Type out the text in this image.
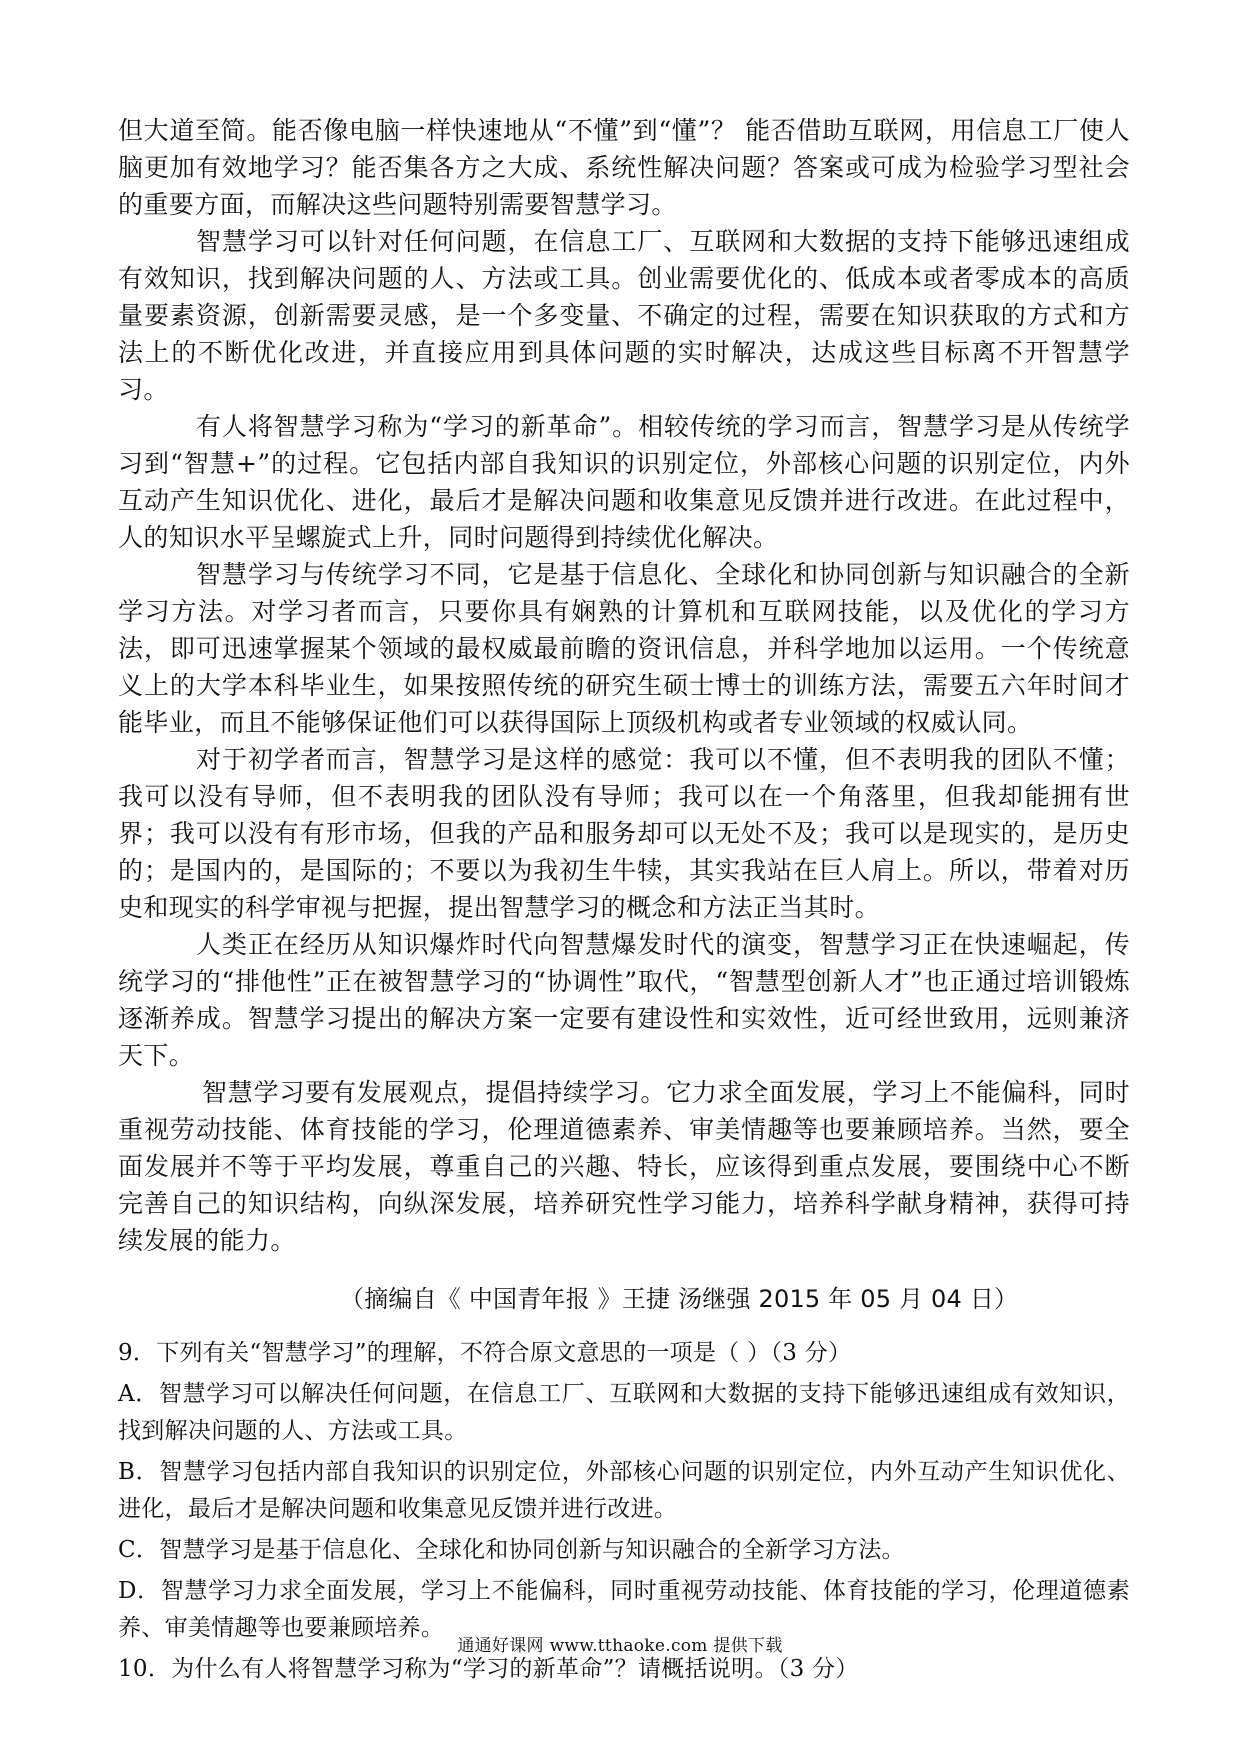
但大道至简。能否像电脑一样快速地从“不懂”到“懂”？ 能否借助互联网，用信息工厂使人脑更加有效地学习？能否集各方之大成、系统性解决问题？答案或可成为检验学习型社会的重要方面，而解决这些问题特别需要智慧学习。

智慧学习可以针对任何问题，在信息工厂、互联网和大数据的支持下能够迅速组成有效知识，找到解决问题的人、方法或工具。创业需要优化的、低成本或者零成本的高质量要素资源，创新需要灵感，是一个多变量、不确定的过程，需要在知识获取的方式和方法上的不断优化改进，并直接应用到具体问题的实时解决，达成这些目标离不开智慧学习。

有人将智慧学习称为“学习的新革命”。相较传统的学习而言，智慧学习是从传统学习到“智慧+”的过程。它包括内部自我知识的识别定位，外部核心问题的识别定位，内外互动产生知识优化、进化，最后才是解决问题和收集意见反馈并进行改进。在此过程中，人的知识水平呈螺旋式上升，同时问题得到持续优化解决。

智慧学习与传统学习不同，它是基于信息化、全球化和协同创新与知识融合的全新学习方法。对学习者而言，只要你具有娴熟的计算机和互联网技能，以及优化的学习方法，即可迅速掌握某个领域的最权威最前瞻的资讯信息，并科学地加以运用。一个传统意义上的大学本科毕业生，如果按照传统的研究生硕士博士的训练方法，需要五六年时间才能毕业，而且不能够保证他们可以获得国际上顶级机构或者专业领域的权威认同。

对于初学者而言，智慧学习是这样的感觉：我可以不懂，但不表明我的团队不懂；我可以没有导师，但不表明我的团队没有导师；我可以在一个角落里，但我却能拥有世界；我可以没有有形市场，但我的产品和服务却可以无处不及；我可以是现实的，是历史的；是国内的，是国际的；不要以为我初生牛犊，其实我站在巨人肩上。所以，带着对历史和现实的科学审视与把握，提出智慧学习的概念和方法正当其时。

人类正在经历从知识爆炸时代向智慧爆发时代的演变，智慧学习正在快速崛起，传统学习的“排他性”正在被智慧学习的“协调性”取代，“智慧型创新人才”也正通过培训锻炼逐渐养成。智慧学习提出的解决方案一定要有建设性和实效性，近可经世致用，远则兼济天下。

智慧学习要有发展观点，提倡持续学习。它力求全面发展，学习上不能偏科，同时重视劳动技能、体育技能的学习，伦理道德素养、审美情趣等也要兼顾培养。当然，要全面发展并不等于平均发展，尊重自己的兴趣、特长，应该得到重点发展，要围绕中心不断完善自己的知识结构，向纵深发展，培养研究性学习能力，培养科学献身精神，获得可持续发展的能力。

（摘编自《 中国青年报 》王捷 汤继强 2015 年 05 月 04 日）

9．下列有关“智慧学习”的理解，不符合原文意思的一项是（ ）（3 分）

A．智慧学习可以解决任何问题，在信息工厂、互联网和大数据的支持下能够迅速组成有效知识，找到解决问题的人、方法或工具。

B．智慧学习包括内部自我知识的识别定位，外部核心问题的识别定位，内外互动产生知识优化、进化，最后才是解决问题和收集意见反馈并进行改进。

C．智慧学习是基于信息化、全球化和协同创新与知识融合的全新学习方法。

D．智慧学习力求全面发展，学习上不能偏科，同时重视劳动技能、体育技能的学习，伦理道德素养、审美情趣等也要兼顾培养。

10．为什么有人将智慧学习称为“学习的新革命”？请概括说明。（3 分）

通通好课网 www.tthaoke.com 提供下载
